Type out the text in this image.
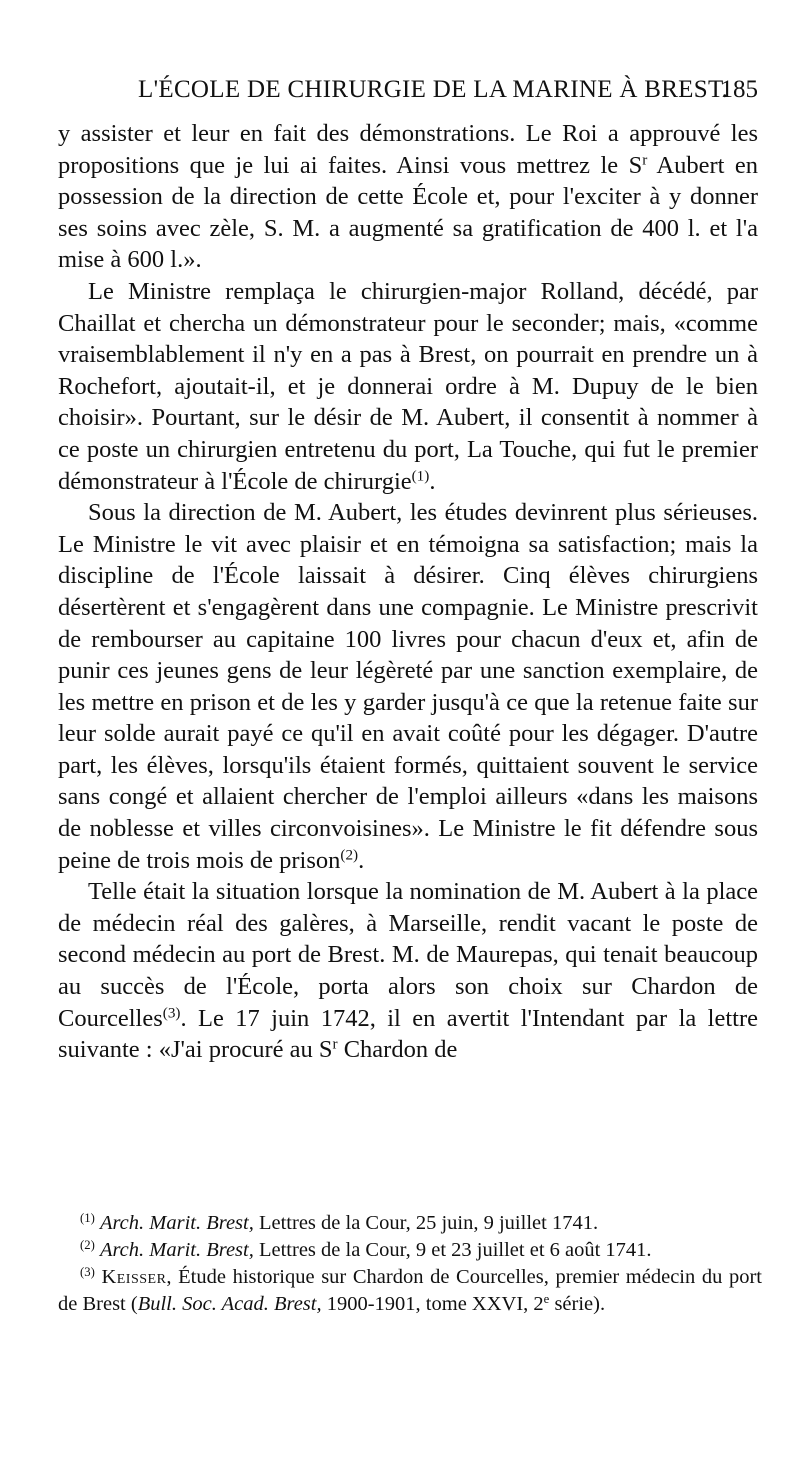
L'ÉCOLE DE CHIRURGIE DE LA MARINE À BREST.
185

y assister et leur en fait des démonstrations. Le Roi a approuvé les propositions que je lui ai faites. Ainsi vous mettrez le $S^r$ Aubert en possession de la direction de cette École et, pour l'exciter à y donner ses soins avec zèle, S. M. a augmenté sa gratification de 400 l. et l'a mise à 600 l.».

Le Ministre remplaça le chirurgien-major Rolland, décédé, par Chaillat et chercha un démonstrateur pour le seconder; mais, «comme vraisemblablement il n'y en a pas à Brest, on pourrait en prendre un à Rochefort, ajoutait-il, et je donnerai ordre à M. Dupuy de le bien choisir». Pourtant, sur le désir de M. Aubert, il consentit à nommer à ce poste un chirurgien entretenu du port, La Touche, qui fut le premier démonstrateur à l'École de chirurgie$^{(1)}$.

Sous la direction de M. Aubert, les études devinrent plus sérieuses. Le Ministre le vit avec plaisir et en témoigna sa satisfaction; mais la discipline de l'École laissait à désirer. Cinq élèves chirurgiens désertèrent et s'engagèrent dans une compagnie. Le Ministre prescrivit de rembourser au capitaine 100 livres pour chacun d'eux et, afin de punir ces jeunes gens de leur légèreté par une sanction exemplaire, de les mettre en prison et de les y garder jusqu'à ce que la retenue faite sur leur solde aurait payé ce qu'il en avait coûté pour les dégager. D'autre part, les élèves, lorsqu'ils étaient formés, quittaient souvent le service sans congé et allaient chercher de l'emploi ailleurs «dans les maisons de noblesse et villes circonvoisines». Le Ministre le fit défendre sous peine de trois mois de prison$^{(2)}$.

Telle était la situation lorsque la nomination de M. Aubert à la place de médecin réal des galères, à Marseille, rendit vacant le poste de second médecin au port de Brest. M. de Maurepas, qui tenait beaucoup au succès de l'École, porta alors son choix sur Chardon de Courcelles$^{(3)}$. Le 17 juin 1742, il en avertit l'Intendant par la lettre suivante : «J'ai procuré au $S^r$ Chardon de

$^{(1)}$ Arch. Marit. Brest, Lettres de la Cour, 25 juin, 9 juillet 1741.

$^{(2)}$ Arch. Marit. Brest, Lettres de la Cour, 9 et 23 juillet et 6 août 1741.

$^{(3)}$ Keisser, Étude historique sur Chardon de Courcelles, premier médecin du port de Brest (Bull. Soc. Acad. Brest, 1900-1901, tome XXVI, 2e série).
